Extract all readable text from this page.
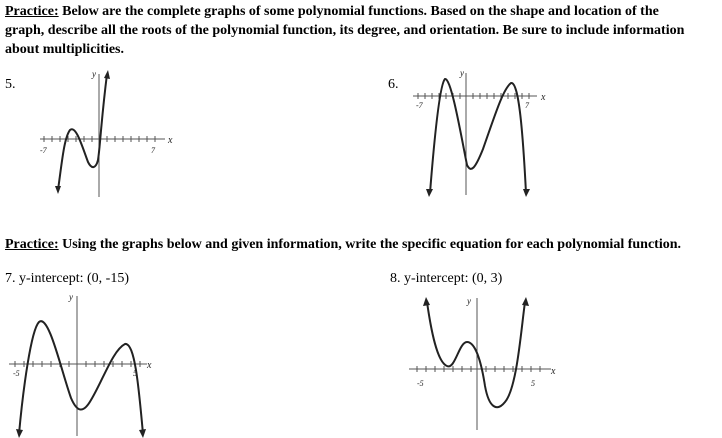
Practice: Below are the complete graphs of some polynomial functions. Based on the shape and location of the
graph, describe all the roots of the polynomial function, its degree, and orientation. Be sure to include information
about multiplicities.
5.
y
x
-7	7
6.
y
x
-7	7
Practice: Using the graphs below and given information, write the specific equation for each polynomial function.
7. y-intercept: (0, -15)
y
x
-5	5
8. y-intercept: (0, 3)
y
x
-5	5
